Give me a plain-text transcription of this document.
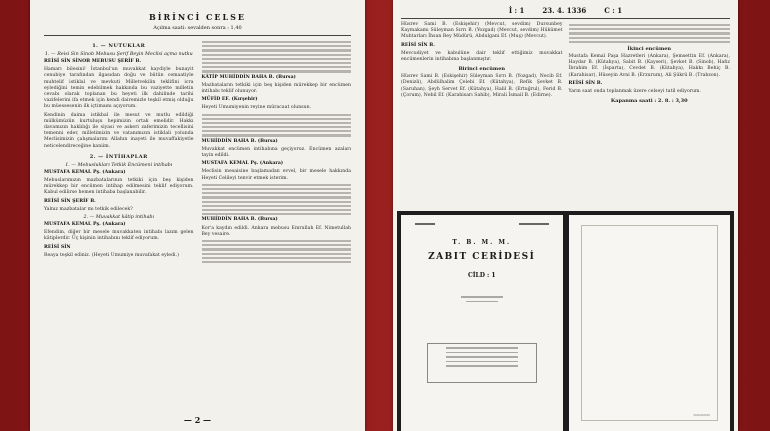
BİRİNCİ CELSE
Açılma saati: sevalden sonra : 1,40
1. — NUTUKLAR
1. — Reisi Sin Sinob Mebusu Şerif Beyin Meclisi açma nutku
REİSİ SİN SİNOB MEBUSU ŞERİF B.
Hamarı bilesini! İstanbul'un muvakkat kaydiyle bunayit cenubiye tarafından ilgasıdan doğu ve bütün cemaatiyle muhtelif istiklal ve mevkuti Milletvekilin teklifini icra eylediğini temin edebilmek hakkında bu vaziyette milletin cevabı olarak toplanan bu heyeti ilk dahilinde tarihi vazifelerini ifa etmek için kendi dairemizle teşkil etmiş olduğu bu müessesenin ilk içtimaını açıyorum.
Kendinin daima istikbal ile mesut ve mutlu edildiği mülkümüzün kurtuluşu hepimizin ortak emelidir. Hakkı davamızın haklılığı ile siyasi ve askeri zaferimizin tecellisini temenni eder, milletimizin ve vatanımızın istiklali yolunda Meclisimizin çalışmalarını Allahın inayeti ile muvaffakiyetle neticelendireceğine kaniim.
2. — İNTİHAPLAR
1. — Mebuslukları Tetkik Encümeni intihabı
MUSTAFA KEMAL Pş. (Ankara)
Mebuslarımızın mazbatalarının tetkiki için beş kişiden mürekkep bir encümen intihap edilmesini teklif ediyorum. Kabul edilirse hemen intihaba başlanabilir.
REİSİ SİN ŞERİF B.
Yalnız mazbatalar mı tetkik edilecek?
2. — Muvakkat kâtip intihabı
MUSTAFA KEMAL Pş. (Ankara)
Efendim, diğer bir mesele muvakkaten intihabı lazım gelen kâtiplerdir. Üç kişinin intihabını teklif ediyorum.
REİSİ SİN
Reaya teşkil ediniz. (Heyeti Umumiye muvafakat eyledi.)
KÂTİP MUHİDDİN BAHA B. (Bursa)
Mazbataların tetkiki için beş kişiden mürekkep bir encümen intihabı teklif olunuyor.
MÜFİD EF. (Kırşehir)
Heyeti Umumiyenin reyine müracaat olunsun.
MUHİDDİN BAHA B. (Bursa)
Muvakkat encümen intihabına geçiyoruz. Encümen azaları tayin edildi.
MUSTAFA KEMAL Pş. (Ankara)
Meclisin mesaisine başlamadan evvel, bir mesele hakkında Heyeti Celileyi tenvir etmek isterim.
MUHİDDİN BAHA B. (Bursa)
Kor'a kaydın edildi. Ankara mebusu Emrullah Ef. Nimetullah Bey vesaire.
— 2 —
İ : 1	23. 4. 1336	C : 1
Hüsrev Sami B. (Eskişehir) (Mevcut, sevdim) Dursunbey Kaymakamı Süleyman Sırrı B. (Yozgad) (Mevcut, sevdim) Hükümet Muhtarları İhsan Bey Müdürü, Abdulgani Ef. (Muş) (Mevcut).
REİSİ SİN B.
Mevcudiyet ve kabulüne dair teklif ettiğimiz muvakkat encümenlerin intihabına başlanmıştır.
Birinci encümen
Hüsrev Sami B. (Eskişehir) Süleyman Sırrı B. (Yozgad), Necib Ef. (Denizli), Abdülhalim Çelebi Ef. (Kütahya), Refik Şevket B. (Saruhan), Şeyh Servet Ef. (Kütahya), Halil B. (Ertuğrul), Ferid B. (Çorum), Nebil Ef. (Karahisarı Sahib), Mirali İsmail B. (Edirne).
İkinci encümen
Mustafa Kemal Paşa Hazretleri (Ankara), Şemsettin Ef. (Ankara), Haydar B. (Kütahya), Sabit B. (Kayseri), Şevket B. (Sinob), Hafız İbrahim Ef. (İsparta), Cevdet B. (Kütahya), Hakkı Behiç B. (Karahisar), Hüseyin Avni B. (Erzurum), Ali Şükrü B. (Trabzon).
REİSİ SİN B.
Yarın saat onda toplanmak üzere celseyi tatil ediyorum.
Kapanma saati : 2. 8. : 3,30
T. B. M. M.
ZABIT CERİDESİ
CİLD : 1
▭▭▭▭▭
